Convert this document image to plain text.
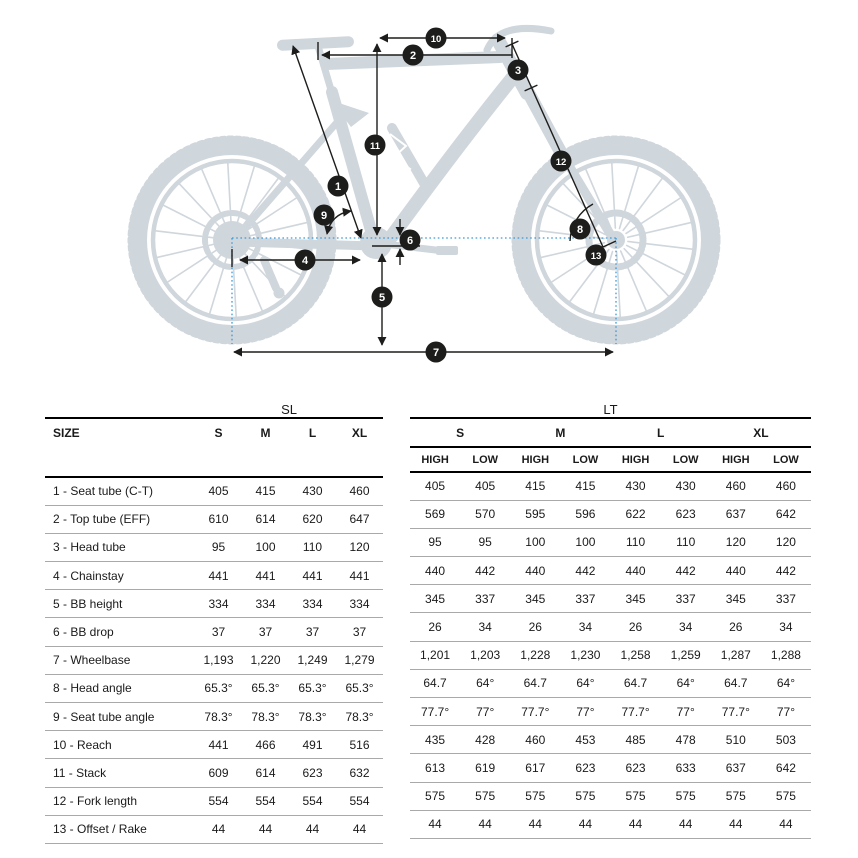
1
2
3
4
5
6
7
8
9
10
11
12
13
	SL			
SIZE	S	M	L	XL
1 - Seat tube (C-T)	405	415	430	460
2 - Top tube (EFF)	610	614	620	647
3 - Head tube	95	100	110	120
4 - Chainstay	441	441	441	441
5 - BB height	334	334	334	334
6 - BB drop	37	37	37	37
7 - Wheelbase	1,193	1,220	1,249	1,279
8 - Head angle	65.3°	65.3°	65.3°	65.3°
9 - Seat tube angle	78.3°	78.3°	78.3°	78.3°
10 - Reach	441	466	491	516
11 - Stack	609	614	623	632
12 - Fork length	554	554	554	554
13 - Offset / Rake	44	44	44	44
LT							
S		M		L		XL	
HIGH	LOW	HIGH	LOW	HIGH	LOW	HIGH	LOW
405	405	415	415	430	430	460	460
569	570	595	596	622	623	637	642
95	95	100	100	110	110	120	120
440	442	440	442	440	442	440	442
345	337	345	337	345	337	345	337
26	34	26	34	26	34	26	34
1,201	1,203	1,228	1,230	1,258	1,259	1,287	1,288
64.7	64°	64.7	64°	64.7	64°	64.7	64°
77.7°	77°	77.7°	77°	77.7°	77°	77.7°	77°
435	428	460	453	485	478	510	503
613	619	617	623	623	633	637	642
575	575	575	575	575	575	575	575
44	44	44	44	44	44	44	44
